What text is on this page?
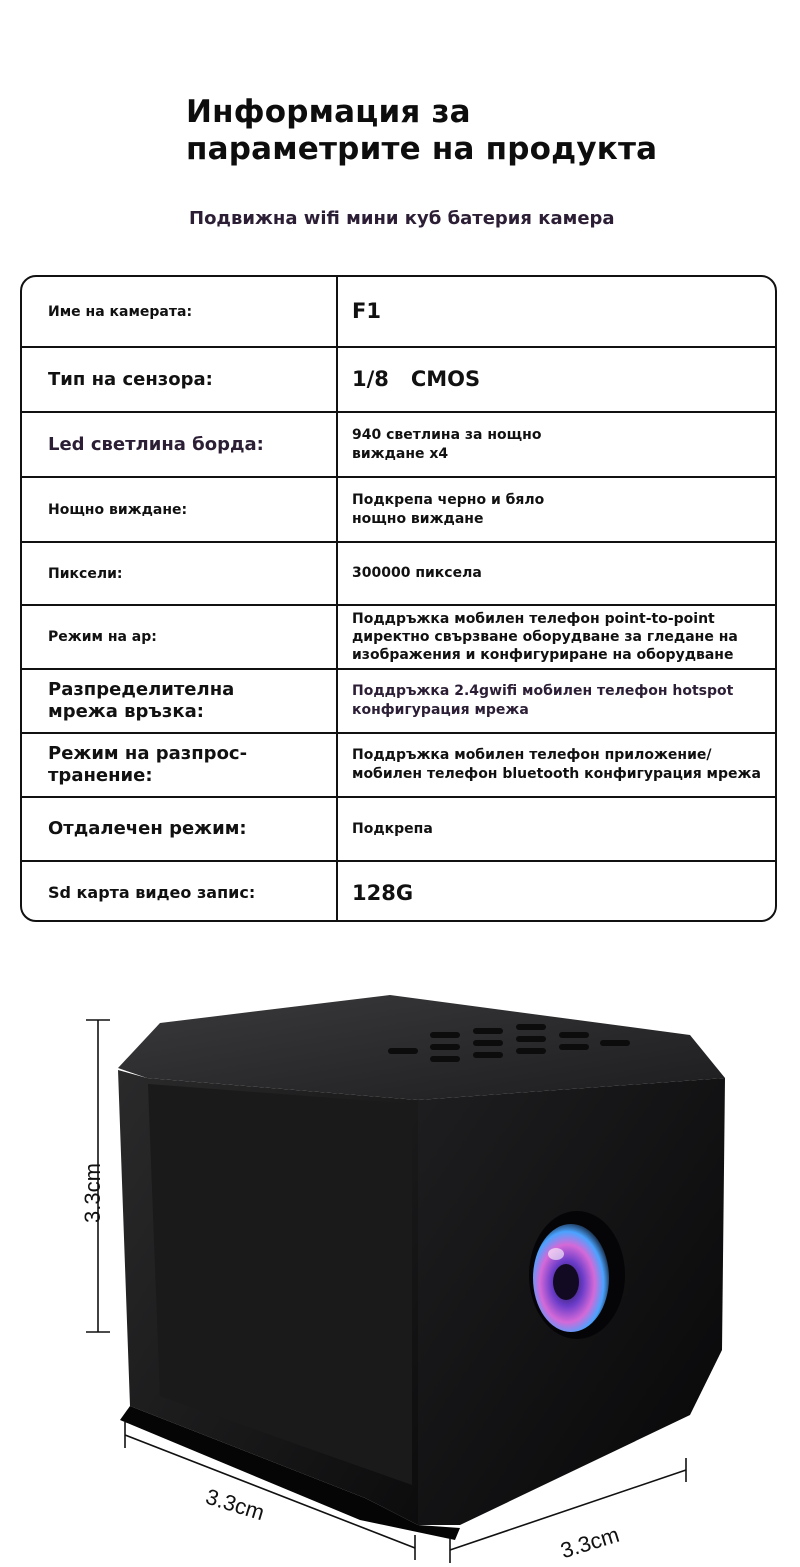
Информация за
параметрите на продукта
Подвижна wifi мини куб батерия камера
Име на камерата:	F1
Тип на сензора:	1/8   CMOS
Led светлина борда:	940 светлина за нощно виждане x4
Нощно виждане:
Подкрепа черно и бяло нощно виждане
Пиксели:	300000 пиксела
Режим на ap:
Поддръжка мобилен телефон point-to-point директно свързване оборудване за гледане на изображения и конфигуриране на оборудване
Разпределителна мрежа връзка:
Поддръжка 2.4gwifi мобилен телефон hotspot конфигурация мрежа
Режим на разпрос-транение:
Поддръжка мобилен телефон приложение/ мобилен телефон bluetooth конфигурация мрежа
Отдалечен режим:	Подкрепа
Sd карта видео запис:	128G
3.3cm
3.3cm
3.3cm
